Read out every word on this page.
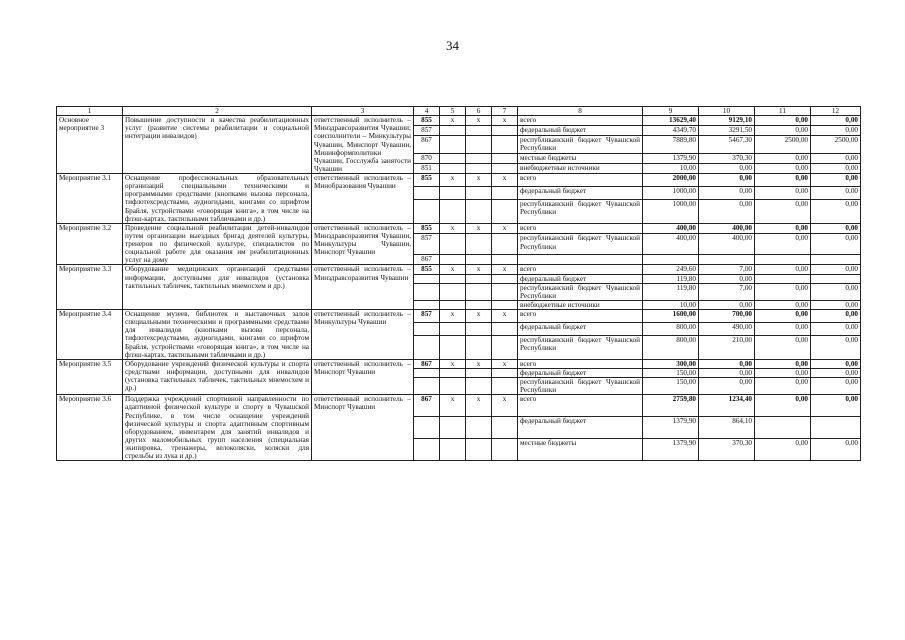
34
1	2	3	4	5	6	7	8	9	10	11	12
Основное мероприятие 3	Повышение доступности и качества реабилитационных услуг (развитие системы реабилитации и социальной интеграции инвалидов)	ответственный исполнитель – Минздравсоразвития Чувашии; соисполнители – Минкультуры Чувашии, Минспорт Чувашии, Мининформполитики Чувашии, Госслужба занятости Чувашии	855	x	x	x	всего	13629,40	9129,10	0,00	0,00
			857				федеральный бюджет	4349,70	3291,50	0,00	0,00
			867				республиканский бюджет Чувашской Республики	7889,80	5467,30	2500,00	2500,00
			870				местные бюджеты	1379,90	370,30	0,00	0,00
			851				внебюджетные источники	10,00	0,00	0,00	0,00
Мероприятие 3.1	Оснащение профессиональных образовательных организаций специальными техническими и программными средствами (кнопками вызова персонала, тифлотехсредствами, аудиогидами, книгами со шрифтом Брайля, устройствами «говорящая книга», в том числе на флэш-картах, тактильными табличками и др.)	ответственный исполнитель – Минобразования Чувашии	855	x	x	x	всего	2000,00	0,00	0,00	0,00
							федеральный бюджет	1000,00	0,00	0,00	0,00
							республиканский бюджет Чувашской Республики	1000,00	0,00	0,00	0,00
Мероприятие 3.2	Проведение социальной реабилитации детей-инвалидов путем организации выездных бригад деятелей культуры, тренеров по физической культуре, специалистов по социальной работе для оказания им реабилитационных услуг на дому	ответственный исполнитель – Минздравсоразвития Чувашии, Минкультуры Чувашии, Минспорт Чувашии	855	x	x	x	всего	400,00	400,00	0,00	0,00
			857				республиканский бюджет Чувашской Республики	400,00	400,00	0,00	0,00
			867								
Мероприятие 3.3	Оборудование медицинских организаций средствами информации, доступными для инвалидов (установка тактильных табличек, тактильных мнемосхем и др.)	ответственный исполнитель – Минздравсоразвития Чувашии	855	x	x	x	всего	249,60	7,00	0,00	0,00
							федеральный бюджет	119,80	0,00		
							республиканский бюджет Чувашской Республики	119,80	7,00	0,00	0,00
							внебюджетные источники	10,00	0,00	0,00	0,00
Мероприятие 3.4	Оснащение музеев, библиотек и выставочных залов специальными техническими и программными средствами для инвалидов (кнопками вызова персонала, тифлотехсредствами, аудиогидами, книгами со шрифтом Брайля, устройствами «говорящая книга», в том числе на флэш-картах, тактильными табличками и др.)	ответственный исполнитель – Минкультуры Чувашии	857	x	x	x	всего	1600,00	700,00	0,00	0,00
							федеральный бюджет	800,00	490,00	0,00	0,00
							республиканский бюджет Чувашской Республики	800,00	210,00	0,00	0,00
Мероприятие 3.5	Оборудование учреждений физической культуры и спорта средствами информации, доступными для инвалидов (установка тактильных табличек, тактильных мнемосхем и др.)	ответственный исполнитель – Минспорт Чувашии	867	x	x	x	всего	300,00	0,00	0,00	0,00
							федеральный бюджет	150,00	0,00	0,00	0,00
							республиканский бюджет Чувашской Республики	150,00	0,00	0,00	0,00
Мероприятие 3.6	Поддержка учреждений спортивной направленности по адаптивной физической культуре и спорту в Чувашской Республике, в том числе оснащение учреждений физической культуры и спорта адаптивным спортивным оборудованием, инвентарем для занятий инвалидов и других маломобильных групп населения (специальная экипировка, тренажеры, велоколяски, коляски для стрельбы из лука и др.)	ответственный исполнитель – Минспорт Чувашии	867	x	x	x	всего	2759,80	1234,40	0,00	0,00
							федеральный бюджет	1379,90	864,10		
							местные бюджеты	1379,90	370,30	0,00	0,00
